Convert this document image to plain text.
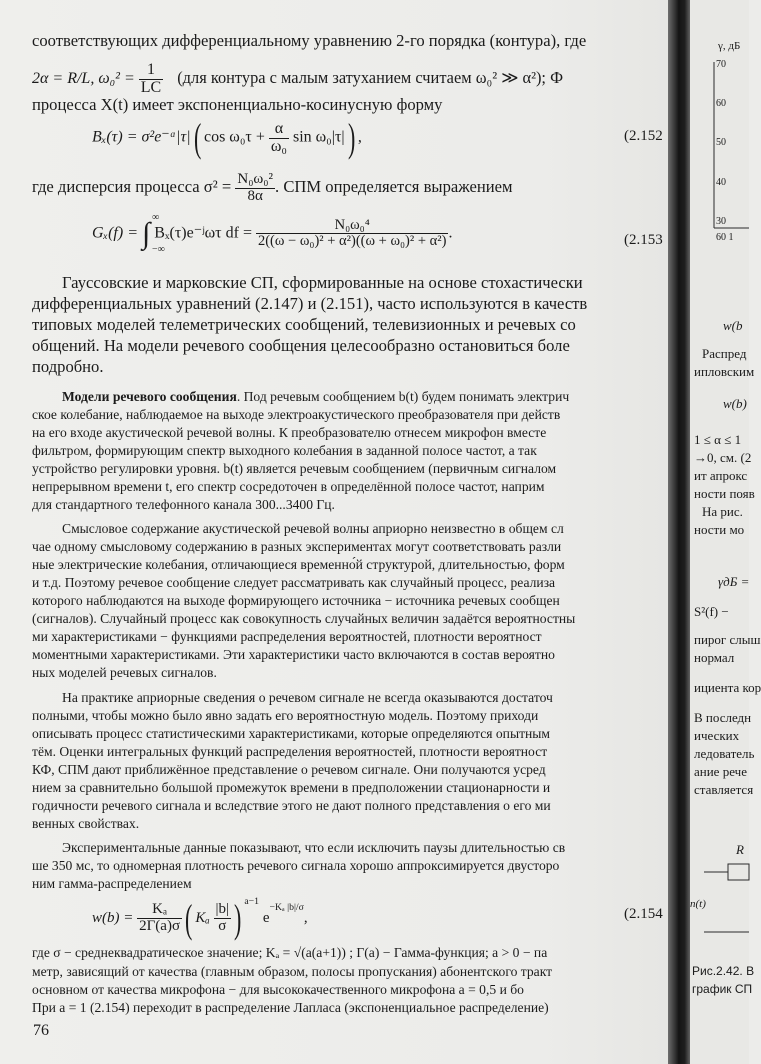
соответствующих дифференциальному уравнению 2-го порядка (контура), где
2α = R/L, $\omega_0^2 = \frac{1}{LC} (для$ контура с малым затуханием считаем ω₀² ≫ α²); Ф
процесса X(t) имеет экспоненциально-косинусную форму
Bₓ(τ) = σ²e⁻ᵅ|τ|( $\cos \omega_0\tau + \frac{\alpha}{\text{ω₀}}$ sin ω₀|τ|) ,	(2.152
где дисперсия процесса $\sigma^2 = \frac{\text{N₀ω₀²}}{8\alpha}$ . СПМ определяется выражением
Gₓ(f) = ∫ ∞
−∞
Bₓ(τ)e⁻ʲωτ df = $\frac{\text{N₀ω₀⁴}}{\text{2((ω − ω₀)² + α²)((ω + ω₀)² + α²)}}$ .	(2.153
Гауссовские и марковские СП, сформированные на основе стохастически
дифференциальных уравнений (2.147) и (2.151), часто используются в качеств
типовых моделей телеметрических сообщений, телевизионных и речевых со
общений. На модели речевого сообщения целесообразно остановиться боле
подробно.
Модели речевого сообщения. Под речевым сообщением b(t) будем понимать электрич
ское колебание, наблюдаемое на выходе электроакустического преобразователя при действ
на его входе акустической речевой волны. К преобразователю отнесем микрофон вместе
фильтром, формирующим спектр выходного колебания в заданной полосе частот, а так
устройство регулировки уровня. b(t) является речевым сообщением (первичным сигналом
непрерывном времени t, его спектр сосредоточен в определённой полосе частот, наприм
для стандартного телефонного канала 300...3400 Гц.
Смысловое содержание акустической речевой волны априорно неизвестно в общем сл
чае одному смысловому содержанию в разных экспериментах могут соответствовать разли
ные электрические колебания, отличающиеся временно́й структурой, длительностью, форм
и т.д. Поэтому речевое сообщение следует рассматривать как случайный процесс, реализа
которого наблюдаются на выходе формирующего источника − источника речевых сообщен
(сигналов). Случайный процесс как совокупность случайных величин задаётся вероятностны
ми характеристиками − функциями распределения вероятностей, плотности вероятност
моментными характеристиками. Эти характеристики часто включаются в состав вероятно
ных моделей речевых сигналов.
На практике априорные сведения о речевом сигнале не всегда оказываются достаточ
полными, чтобы можно было явно задать его вероятностную модель. Поэтому приходи
описывать процесс статистическими характеристиками, которые определяются опытным
тём. Оценки интегральных функций распределения вероятностей, плотности вероятност
КФ, СПМ дают приближённое представление о речевом сигнале. Они получаются усред
нием за сравнительно большой промежуток времени в предположении стационарности и
годичности речевого сигнала и вследствие этого не дают полного представления о его ми
венных свойствах.
Экспериментальные данные показывают, что если исключить паузы длительностью св
ше 350 мс, то одномерная плотность речевого сигнала хорошо аппроксимируется двусторо
ним гамма-распределением
$w(b) = \frac{\text{Kₐ}}{2\Gamma(a)\sigma}$ ( Kₐ $\frac{|b|}{\sigma}$ ) $^{a-1}$ $e^{-K_a |b|/\sigma}$,	(2.154
где σ − среднеквадратическое значение; Kₐ = √(a(a+1)) ; Γ(a) − Гамма-функция; a > 0 − па
метр, зависящий от качества (главным образом, полосы пропускания) абонентского тракт
основном от качества микрофона − для высококачественного микрофона a = 0,5 и бо
При a = 1 (2.154) переходит в распределение Лапласа (экспоненциальное распределение)
76
γ, дБ
70
60
50
40
30
60 1
w(b
Распред
ипловским
w(b)
1 ≤ α ≤ 1
→0, см. (2
ит апрокс
ности появ
На рис.
ности мо
γдБ =
S²(f) −
пирог слыш
нормал
ициента кор
В последн
ических
ледователь
ание рече
ставляется
R
n(t)
Рис.2.42. В
график СП
